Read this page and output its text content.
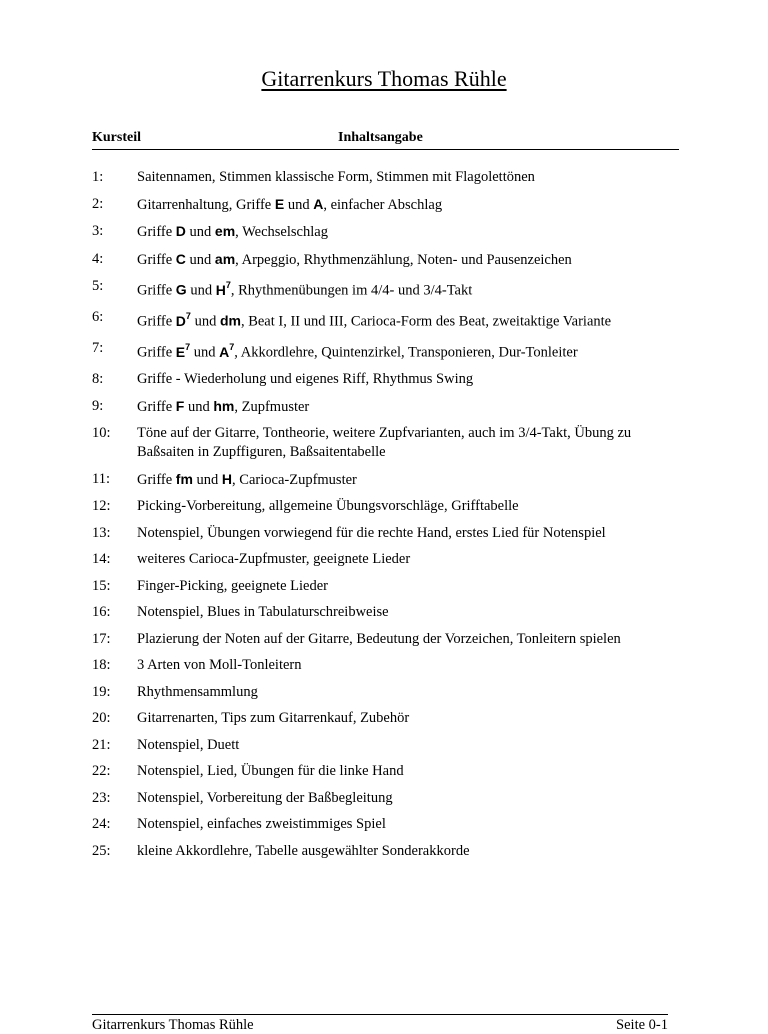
Gitarrenkurs Thomas Rühle
Kursteil	Inhaltsangabe
1: Saitennamen, Stimmen klassische Form, Stimmen mit Flagolettönen
2: Gitarrenhaltung, Griffe E und A, einfacher Abschlag
3: Griffe D und em, Wechselschlag
4: Griffe C und am, Arpeggio, Rhythmenzählung, Noten- und Pausenzeichen
5: Griffe G und $H^7$, Rhythmenübungen im 4/4- und 3/4-Takt
6: Griffe $D^7$ und dm, Beat I, II und III, Carioca-Form des Beat, zweitaktige Variante
7: Griffe $E^7$ und $A^7$, Akkordlehre, Quintenzirkel, Transponieren, Dur-Tonleiter
8: Griffe - Wiederholung und eigenes Riff, Rhythmus Swing
9: Griffe F und hm, Zupfmuster
10: Töne auf der Gitarre, Tontheorie, weitere Zupfvarianten, auch im 3/4-Takt, Übung zu Baßsaiten in Zupffiguren, Baßsaitentabelle
11: Griffe fm und H, Carioca-Zupfmuster
12: Picking-Vorbereitung, allgemeine Übungsvorschläge, Grifftabelle
13: Notenspiel, Übungen vorwiegend für die rechte Hand, erstes Lied für Notenspiel
14: weiteres Carioca-Zupfmuster, geeignete Lieder
15: Finger-Picking, geeignete Lieder
16: Notenspiel, Blues in Tabulaturschreibweise
17: Plazierung der Noten auf der Gitarre, Bedeutung der Vorzeichen, Tonleitern spielen
18: 3 Arten von Moll-Tonleitern
19: Rhythmensammlung
20: Gitarrenarten, Tips zum Gitarrenkauf, Zubehör
21: Notenspiel, Duett
22: Notenspiel, Lied, Übungen für die linke Hand
23: Notenspiel, Vorbereitung der Baßbegleitung
24: Notenspiel, einfaches zweistimmiges Spiel
25: kleine Akkordlehre, Tabelle ausgewählter Sonderakkorde
Gitarrenkurs Thomas Rühle	Seite 0-1
